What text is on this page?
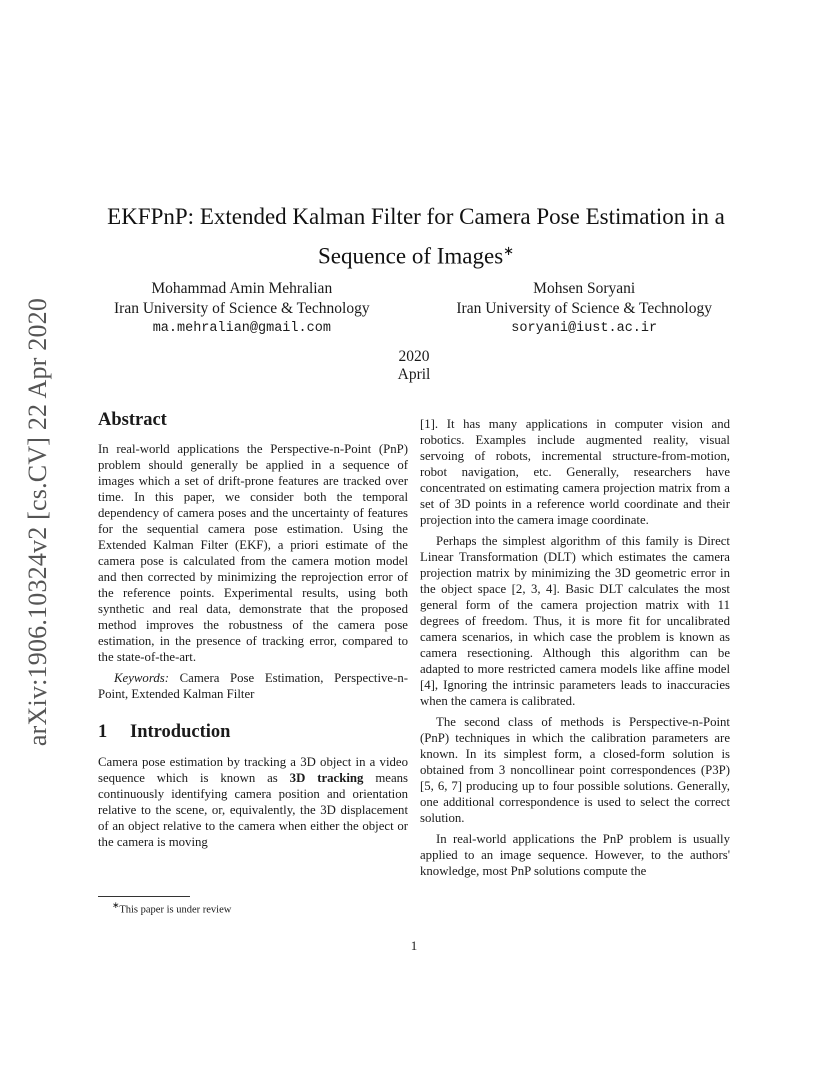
arXiv:1906.10324v2 [cs.CV] 22 Apr 2020
EKFPnP: Extended Kalman Filter for Camera Pose Estimation in a Sequence of Images∗
Mohammad Amin Mehralian
Iran University of Science & Technology
ma.mehralian@gmail.com
Mohsen Soryani
Iran University of Science & Technology
soryani@iust.ac.ir
2020
April
Abstract

In real-world applications the Perspective-n-Point (PnP) problem should generally be applied in a sequence of images which a set of drift-prone features are tracked over time. In this paper, we consider both the temporal dependency of camera poses and the uncertainty of features for the sequential camera pose estimation. Using the Extended Kalman Filter (EKF), a priori estimate of the camera pose is calculated from the camera motion model and then corrected by minimizing the reprojection error of the reference points. Experimental results, using both synthetic and real data, demonstrate that the proposed method improves the robustness of the camera pose estimation, in the presence of tracking error, compared to the state-of-the-art.

Keywords: Camera Pose Estimation, Perspective-n-Point, Extended Kalman Filter

1 Introduction

Camera pose estimation by tracking a 3D object in a video sequence which is known as 3D tracking means continuously identifying camera position and orientation relative to the scene, or, equivalently, the 3D displacement of an object relative to the camera when either the object or the camera is moving

[1]. It has many applications in computer vision and robotics. Examples include augmented reality, visual servoing of robots, incremental structure-from-motion, robot navigation, etc. Generally, researchers have concentrated on estimating camera projection matrix from a set of 3D points in a reference world coordinate and their projection into the camera image coordinate.

Perhaps the simplest algorithm of this family is Direct Linear Transformation (DLT) which estimates the camera projection matrix by minimizing the 3D geometric error in the object space [2, 3, 4]. Basic DLT calculates the most general form of the camera projection matrix with 11 degrees of freedom. Thus, it is more fit for uncalibrated camera scenarios, in which case the problem is known as camera resectioning. Although this algorithm can be adapted to more restricted camera models like affine model [4], Ignoring the intrinsic parameters leads to inaccuracies when the camera is calibrated.

The second class of methods is Perspective-n-Point (PnP) techniques in which the calibration parameters are known. In its simplest form, a closed-form solution is obtained from 3 noncollinear point correspondences (P3P) [5, 6, 7] producing up to four possible solutions. Generally, one additional correspondence is used to select the correct solution.

In real-world applications the PnP problem is usually applied to an image sequence. However, to the authors' knowledge, most PnP solutions compute the

∗This paper is under review
1
